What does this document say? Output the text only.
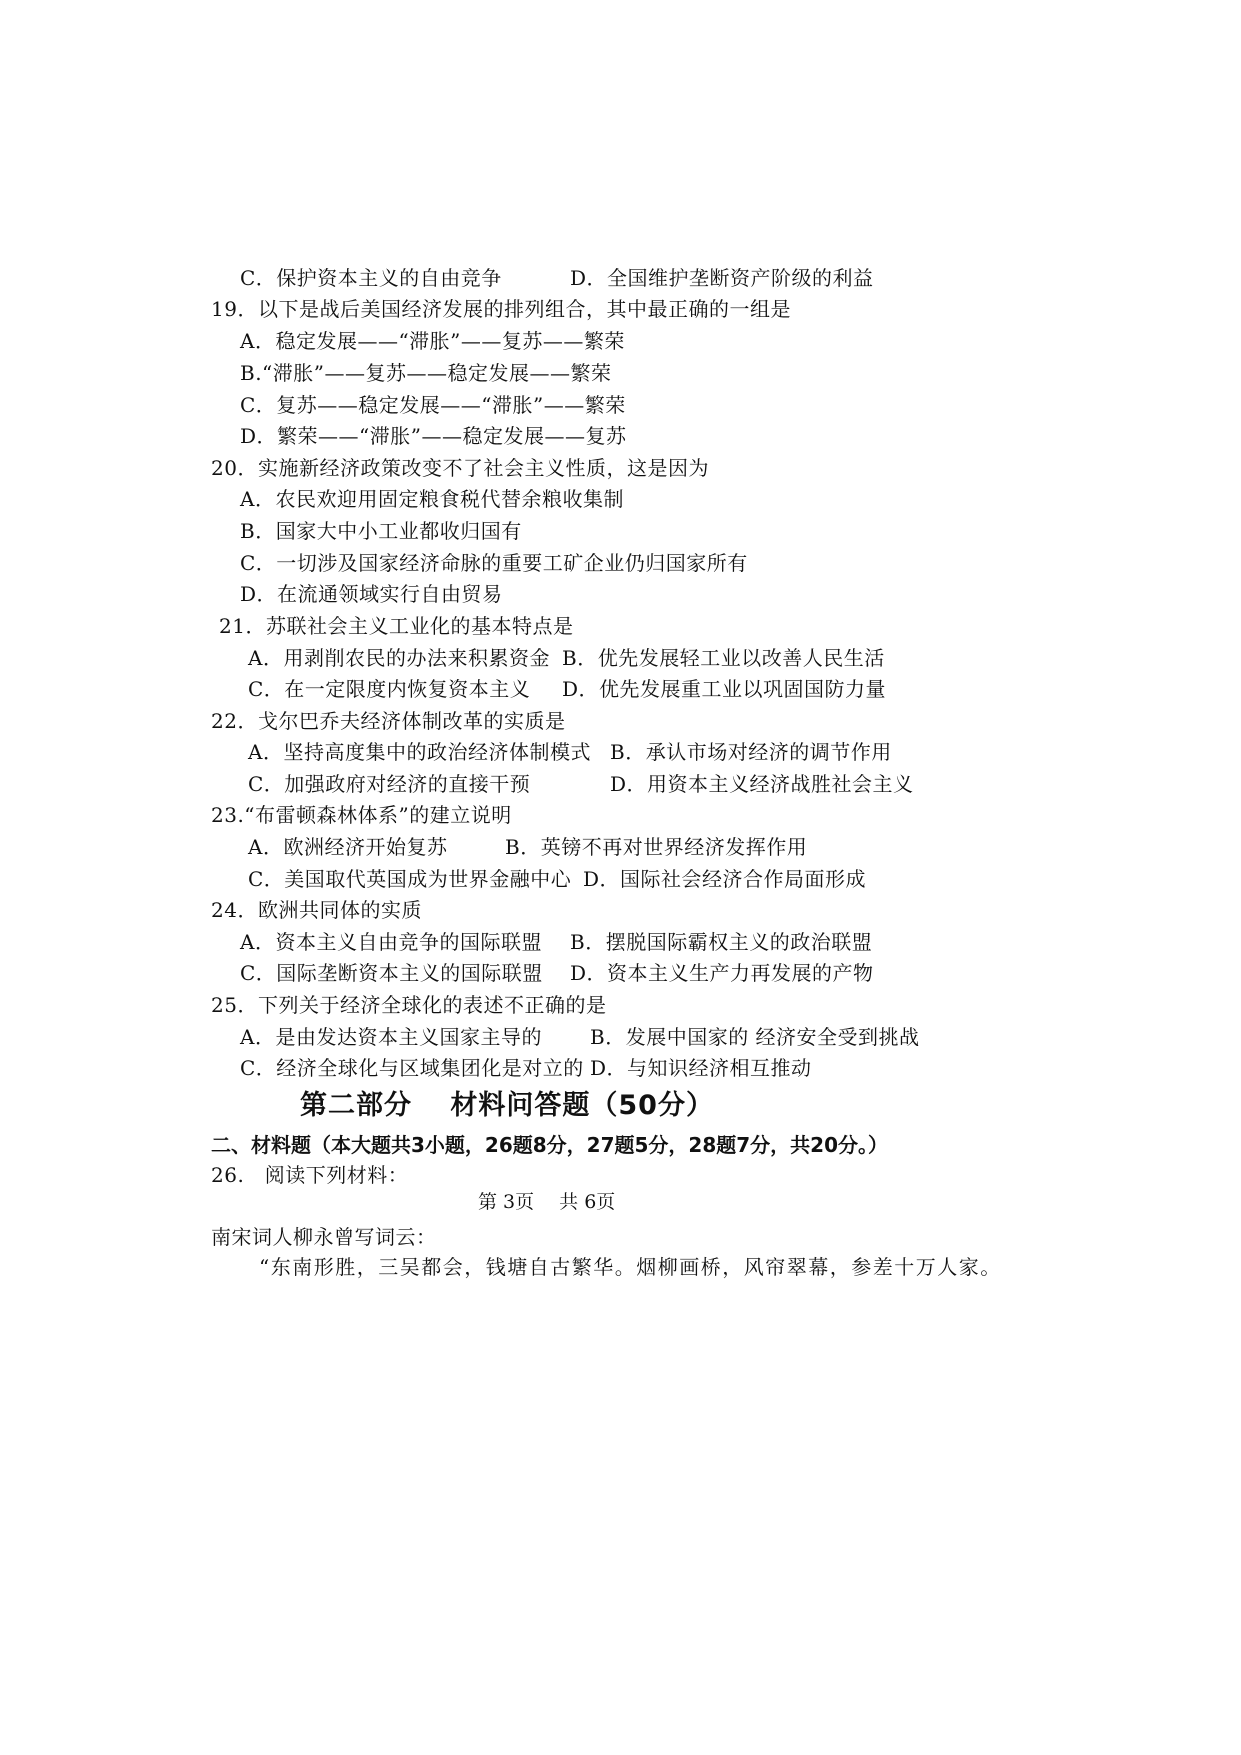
C．保护资本主义的自由竞争	D．全国维护垄断资产阶级的利益
19．以下是战后美国经济发展的排列组合，其中最正确的一组是
A．稳定发展——“滞胀”——复苏——繁荣
B.“滞胀”——复苏——稳定发展——繁荣
C．复苏——稳定发展——“滞胀”——繁荣
D．繁荣——“滞胀”——稳定发展——复苏
20．实施新经济政策改变不了社会主义性质，这是因为
A．农民欢迎用固定粮食税代替余粮收集制
B．国家大中小工业都收归国有
C．一切涉及国家经济命脉的重要工矿企业仍归国家所有
D．在流通领域实行自由贸易
21．苏联社会主义工业化的基本特点是
A．用剥削农民的办法来积累资金 B．优先发展轻工业以改善人民生活
C．在一定限度内恢复资本主义 D．优先发展重工业以巩固国防力量
22．戈尔巴乔夫经济体制改革的实质是
A．坚持高度集中的政治经济体制模式 B．承认市场对经济的调节作用
C．加强政府对经济的直接干预	D．用资本主义经济战胜社会主义
23.“布雷顿森林体系”的建立说明
A．欧洲经济开始复苏	B．英镑不再对世界经济发挥作用
C．美国取代英国成为世界金融中心 D．国际社会经济合作局面形成
24．欧洲共同体的实质
A．资本主义自由竞争的国际联盟 B．摆脱国际霸权主义的政治联盟
C．国际垄断资本主义的国际联盟 D．资本主义生产力再发展的产物
25．下列关于经济全球化的表述不正确的是
A．是由发达资本主义国家主导的 B．发展中国家的 经济安全受到挑战
C．经济全球化与区域集团化是对立的 D．与知识经济相互推动
第二部分　 材料问答题（50分）
二、材料题（本大题共3小题，26题8分，27题5分，28题7分，共20分。）
26.　阅读下列材料：
第 3页　 共 6页
南宋词人柳永曾写词云：
“东南形胜，三吴都会，钱塘自古繁华。烟柳画桥，风帘翠幕，参差十万人家。
